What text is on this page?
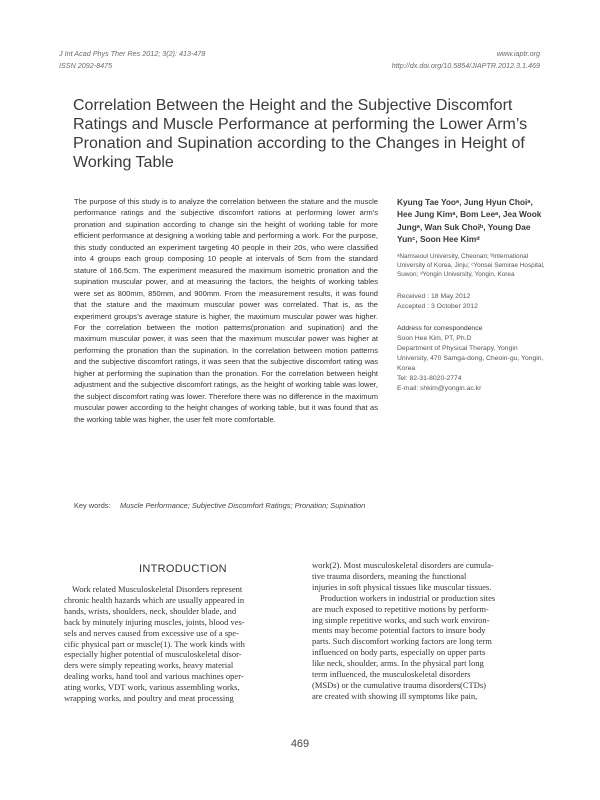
J Int Acad Phys Ther Res 2012; 3(2): 413-478
ISSN 2092-8475
www.iaptr.org
http://dx.doi.org/10.5854/JIAPTR.2012.3.1.469
Correlation Between the Height and the Subjective Discomfort Ratings and Muscle Performance at performing the Lower Arm’s Pronation and Supination according to the Changes in Height of Working Table

The purpose of this study is to analyze the correlation between the stature and the muscle performance ratings and the subjective discomfort rations at performing lower arm’s pronation and supination according to change sin the height of working table for more efficient performance at designing a working table and performing a work. For the purpose, this study conducted an experiment targeting 40 people in their 20s, who were classified into 4 groups each group composing 10 people at intervals of 5cm from the standard stature of 166.5cm. The experiment measured the maximum isometric pronation and the supination muscular power, and at measuring the factors, the heights of working tables were set as 800mm, 850mm, and 900mm. From the measurement results, it was found that the stature and the maximum muscular power was correlated. That is, as the experiment groups’s average stature is higher, the maximum muscular power was higher. For the correlation between the motion patterns(pronation and supination) and the maximum muscular power, it was seen that the maximum muscular power was higher at performing the pronation than the supination. In the correlation between motion patterns and the subjective discomfort ratings, it was seen that the subjective discomfort rating was higher at performing the supination than the pronation. For the correlation between height adjustment and the subjective discomfort ratings, as the height of working table was lower, the subject discomfort rating was lower. Therefore there was no difference in the maximum muscular power according to the height changes of working table, but it was found that as the working table was higher, the user felt more comfortable.

Key words: Muscle Performance; Subjective Discomfort Ratings; Pronation; Supination

Kyung Tae Yooᵃ, Jung Hyun Choiᵃ, Hee Jung Kimᵃ, Bom Leeᵃ, Jea Wook Jungᵃ, Wan Suk Choiᵇ, Young Dae Yunᶜ, Soon Hee Kimᵈ

ᵃNamseoul University, Cheonan; ᵇInternational University of Korea, Jinju; ᶜYonsei Semirae Hospital, Suwon; ᵈYongin University, Yongin, Korea

Received : 18 May 2012
Accepted : 3 October 2012
Address for correspondence
Soon Hee Kim, PT, Ph.D
Department of Physical Therapy, Yongin University, 470 Samga-dong, Cheoin-gu, Yongin, Korea
Tel: 82-31-8020-2774
E-mail: shkim@yongin.ac.kr
INTRODUCTION
Work related Musculoskeletal Disorders represent
chronic health hazards which are usually appeared in
hands, wrists, shoulders, neck, shoulder blade, and
back by minutely injuring muscles, joints, blood ves-
sels and nerves caused from excessive use of a spe-
cific physical part or muscle(1). The work kinds with
especially higher potential of musculoskeletal disor-
ders were simply repeating works, heavy material
dealing works, hand tool and various machines oper-
ating works, VDT work, various assembling works,
wrapping works, and poultry and meat processing
work(2). Most musculoskeletal disorders are cumula-
tive trauma disorders, meaning the functional
injuries in soft physical tissues like muscular tissues.
Production workers in industrial or production sites
are much exposed to repetitive motions by perform-
ing simple repetitive works, and such work environ-
ments may become potential factors to insure body
parts. Such discomfort working factors are long term
influenced on body parts, especially on upper parts
like neck, shoulder, arms. In the physical part long
term influenced, the musculoskeletal disorders
(MSDs) or the cumulative trauma disorders(CTDs)
are created with showing ill symptoms like pain,
469
